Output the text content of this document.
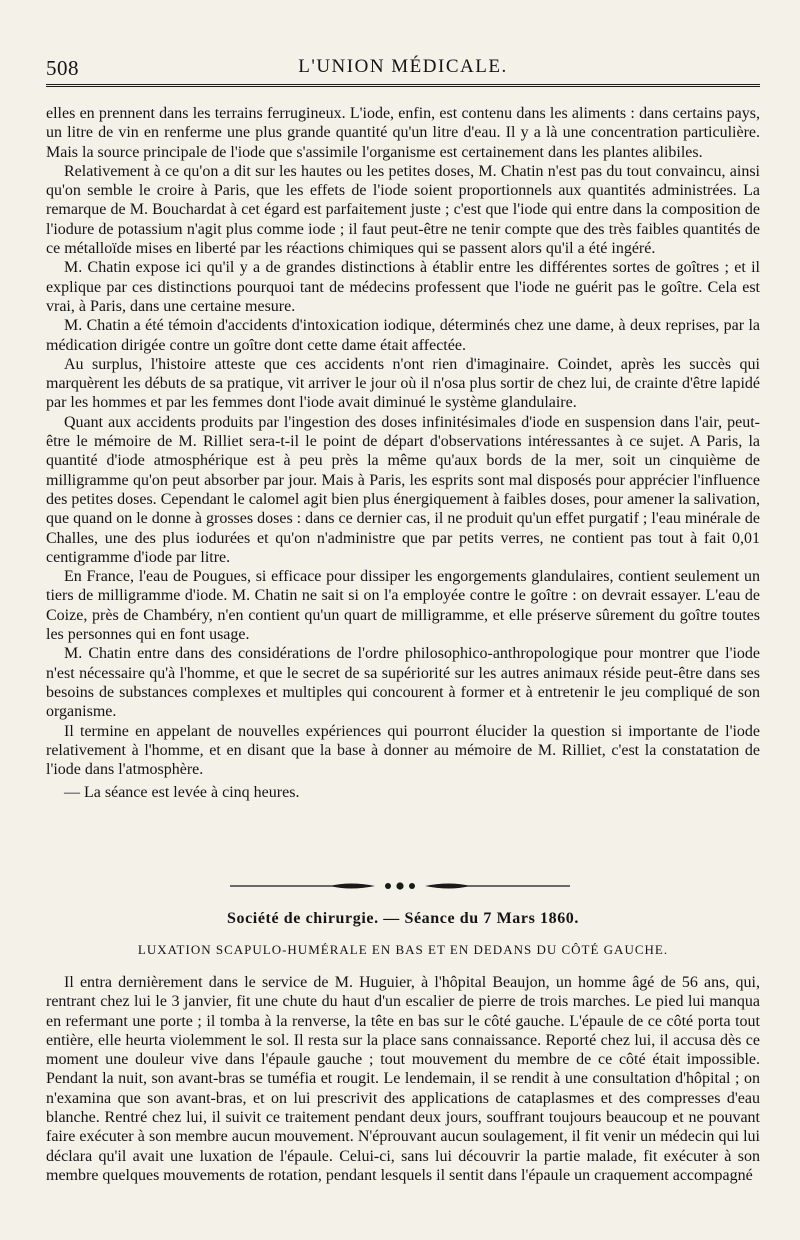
508	L'UNION MÉDICALE.

elles en prennent dans les terrains ferrugineux. L'iode, enfin, est contenu dans les aliments : dans certains pays, un litre de vin en renferme une plus grande quantité qu'un litre d'eau. Il y a là une concentration particulière. Mais la source principale de l'iode que s'assimile l'organisme est certainement dans les plantes alibiles.

Relativement à ce qu'on a dit sur les hautes ou les petites doses, M. Chatin n'est pas du tout convaincu, ainsi qu'on semble le croire à Paris, que les effets de l'iode soient proportionnels aux quantités administrées. La remarque de M. Bouchardat à cet égard est parfaitement juste ; c'est que l'iode qui entre dans la composition de l'iodure de potassium n'agit plus comme iode ; il faut peut-être ne tenir compte que des très faibles quantités de ce métalloïde mises en liberté par les réactions chimiques qui se passent alors qu'il a été ingéré.

M. Chatin expose ici qu'il y a de grandes distinctions à établir entre les différentes sortes de goîtres ; et il explique par ces distinctions pourquoi tant de médecins professent que l'iode ne guérit pas le goître. Cela est vrai, à Paris, dans une certaine mesure.

M. Chatin a été témoin d'accidents d'intoxication iodique, déterminés chez une dame, à deux reprises, par la médication dirigée contre un goître dont cette dame était affectée.

Au surplus, l'histoire atteste que ces accidents n'ont rien d'imaginaire. Coindet, après les succès qui marquèrent les débuts de sa pratique, vit arriver le jour où il n'osa plus sortir de chez lui, de crainte d'être lapidé par les hommes et par les femmes dont l'iode avait diminué le système glandulaire.

Quant aux accidents produits par l'ingestion des doses infinitésimales d'iode en suspension dans l'air, peut-être le mémoire de M. Rilliet sera-t-il le point de départ d'observations intéressantes à ce sujet. A Paris, la quantité d'iode atmosphérique est à peu près la même qu'aux bords de la mer, soit un cinquième de milligramme qu'on peut absorber par jour. Mais à Paris, les esprits sont mal disposés pour apprécier l'influence des petites doses. Cependant le calomel agit bien plus énergiquement à faibles doses, pour amener la salivation, que quand on le donne à grosses doses : dans ce dernier cas, il ne produit qu'un effet purgatif ; l'eau minérale de Challes, une des plus iodurées et qu'on n'administre que par petits verres, ne contient pas tout à fait 0,01 centigramme d'iode par litre.

En France, l'eau de Pougues, si efficace pour dissiper les engorgements glandulaires, contient seulement un tiers de milligramme d'iode. M. Chatin ne sait si on l'a employée contre le goître : on devrait essayer. L'eau de Coize, près de Chambéry, n'en contient qu'un quart de milligramme, et elle préserve sûrement du goître toutes les personnes qui en font usage.

M. Chatin entre dans des considérations de l'ordre philosophico-anthropologique pour montrer que l'iode n'est nécessaire qu'à l'homme, et que le secret de sa supériorité sur les autres animaux réside peut-être dans ses besoins de substances complexes et multiples qui concourent à former et à entretenir le jeu compliqué de son organisme.

Il termine en appelant de nouvelles expériences qui pourront élucider la question si importante de l'iode relativement à l'homme, et en disant que la base à donner au mémoire de M. Rilliet, c'est la constatation de l'iode dans l'atmosphère.

— La séance est levée à cinq heures.

Société de chirurgie. — Séance du 7 Mars 1860.
LUXATION SCAPULO-HUMÉRALE EN BAS ET EN DEDANS DU CÔTÉ GAUCHE.

Il entra dernièrement dans le service de M. Huguier, à l'hôpital Beaujon, un homme âgé de 56 ans, qui, rentrant chez lui le 3 janvier, fit une chute du haut d'un escalier de pierre de trois marches. Le pied lui manqua en refermant une porte ; il tomba à la renverse, la tête en bas sur le côté gauche. L'épaule de ce côté porta tout entière, elle heurta violemment le sol. Il resta sur la place sans connaissance. Reporté chez lui, il accusa dès ce moment une douleur vive dans l'épaule gauche ; tout mouvement du membre de ce côté était impossible. Pendant la nuit, son avant-bras se tuméfia et rougit. Le lendemain, il se rendit à une consultation d'hôpital ; on n'examina que son avant-bras, et on lui prescrivit des applications de cataplasmes et des compresses d'eau blanche. Rentré chez lui, il suivit ce traitement pendant deux jours, souffrant toujours beaucoup et ne pouvant faire exécuter à son membre aucun mouvement. N'éprouvant aucun soulagement, il fit venir un médecin qui lui déclara qu'il avait une luxation de l'épaule. Celui-ci, sans lui découvrir la partie malade, fit exécuter à son membre quelques mouvements de rotation, pendant lesquels il sentit dans l'épaule un craquement accompagné
